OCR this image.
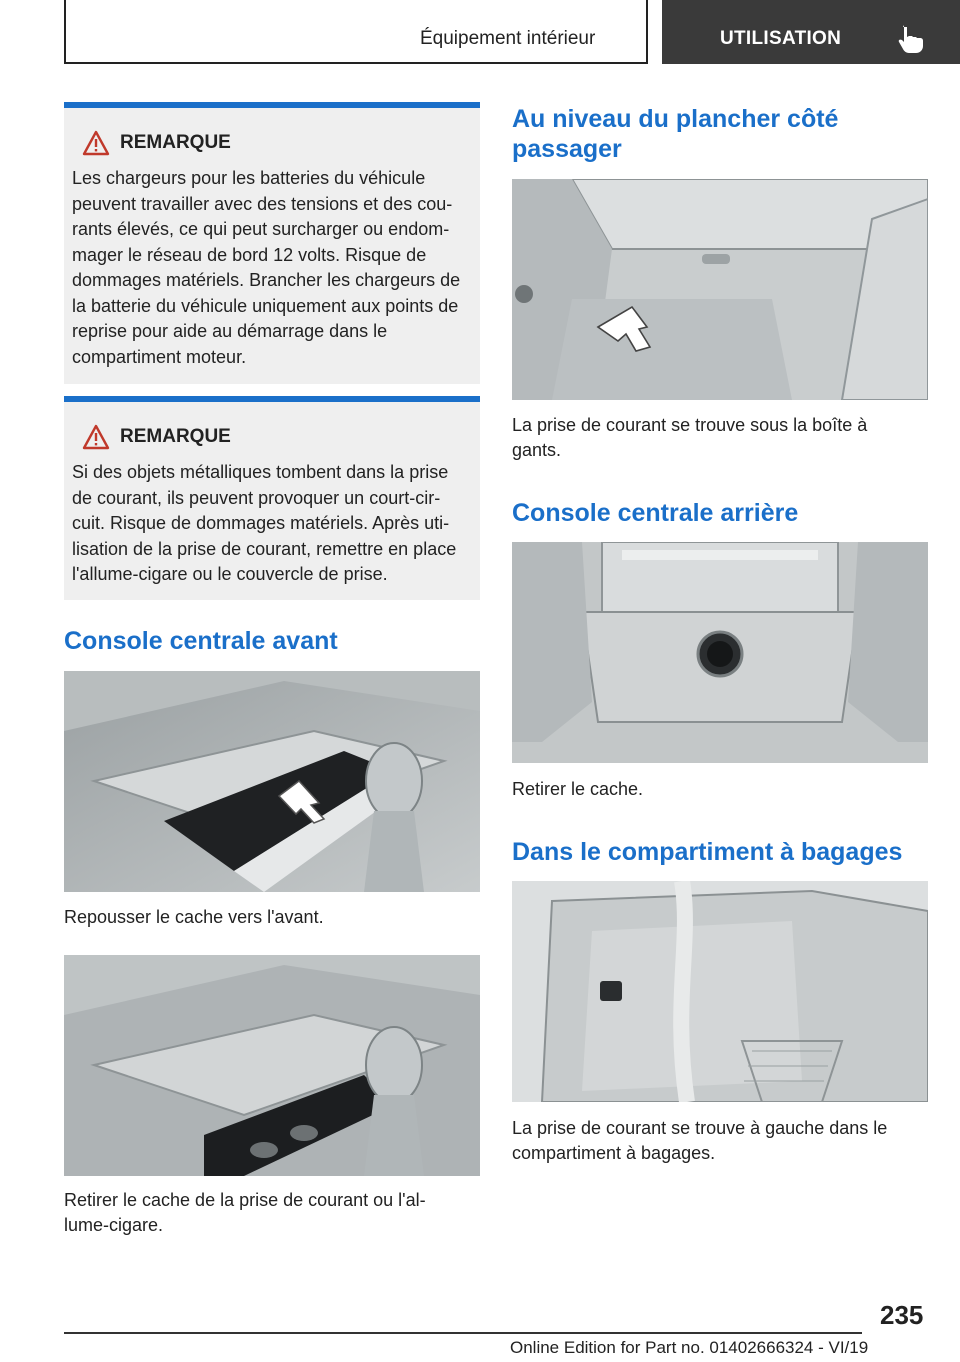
Équipement intérieur	UTILISATION
REMARQUE
Les chargeurs pour les batteries du véhicule peuvent travailler avec des tensions et des cou‐rants élevés, ce qui peut surcharger ou endom‐mager le réseau de bord 12 volts. Risque de dommages matériels. Brancher les chargeurs de la batterie du véhicule uniquement aux points de reprise pour aide au démarrage dans le compartiment moteur.
REMARQUE
Si des objets métalliques tombent dans la prise de courant, ils peuvent provoquer un court-cir‐cuit. Risque de dommages matériels. Après uti‐lisation de la prise de courant, remettre en place l'allume-cigare ou le couvercle de prise.
Console centrale avant
Repousser le cache vers l'avant.
Retirer le cache de la prise de courant ou l'al‐lume-cigare.
Au niveau du plancher côté passager
La prise de courant se trouve sous la boîte à gants.
Console centrale arrière
Retirer le cache.
Dans le compartiment à bagages
La prise de courant se trouve à gauche dans le compartiment à bagages.
235
Online Edition for Part no. 01402666324 - VI/19
